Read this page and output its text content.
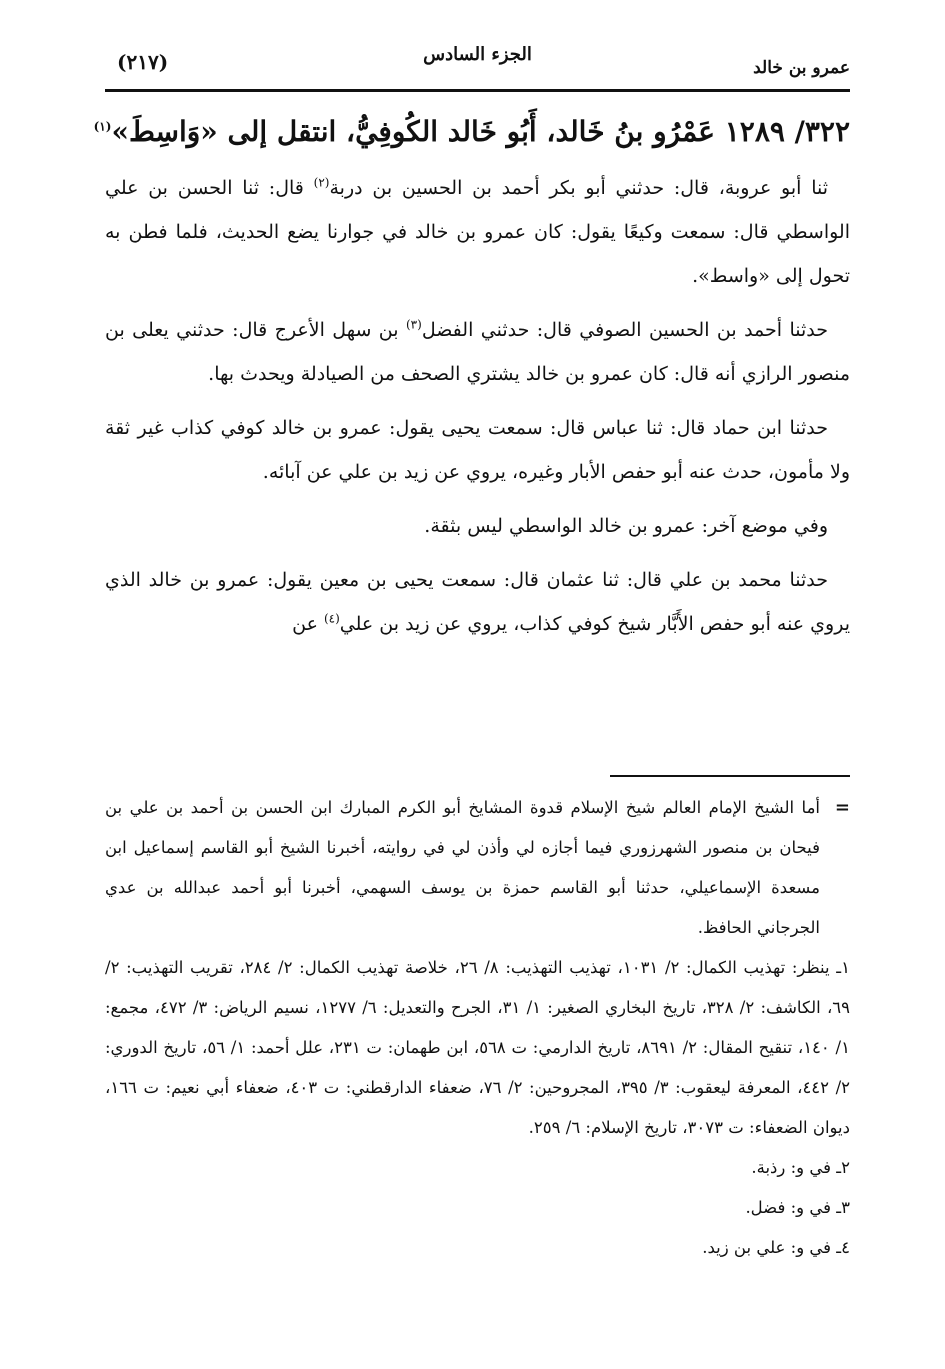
عمرو بن خالد
الجزء السادس
(٢١٧)
٣٢٢/ ١٢٨٩ عَمْرُو بنُ خَالد، أَبُو خَالد الكُوفِيُّ، انتقل إلى «وَاسِطَ»$^{(١)}$

ثنا أبو عروبة، قال: حدثني أبو بكر أحمد بن الحسين بن دربة$^{(٢)}$ قال: ثنا الحسن بن علي الواسطي قال: سمعت وكيعًا يقول: كان عمرو بن خالد في جوارنا يضع الحديث، فلما فطن به تحول إلى «واسط».

حدثنا أحمد بن الحسين الصوفي قال: حدثني الفضل$^{(٣)}$ بن سهل الأعرج قال: حدثني يعلى بن منصور الرازي أنه قال: كان عمرو بن خالد يشتري الصحف من الصيادلة ويحدث بها.

حدثنا ابن حماد قال: ثنا عباس قال: سمعت يحيى يقول: عمرو بن خالد كوفي كذاب غير ثقة ولا مأمون، حدث عنه أبو حفص الأبار وغيره، يروي عن زيد بن علي عن آبائه.

وفي موضع آخر: عمرو بن خالد الواسطي ليس بثقة.

حدثنا محمد بن علي قال: ثنا عثمان قال: سمعت يحيى بن معين يقول: عمرو بن خالد الذي يروي عنه أبو حفص الأَبَّار شيخ كوفي كذاب، يروي عن زيد بن علي$^{(٤)}$ عن

=
أما الشيخ الإمام العالم شيخ الإسلام قدوة المشايخ أبو الكرم المبارك ابن الحسن بن أحمد بن علي بن فيحان بن منصور الشهرزوري فيما أجازه لي وأذن لي في روايته، أخبرنا الشيخ أبو القاسم إسماعيل ابن مسعدة الإسماعيلي، حدثنا أبو القاسم حمزة بن يوسف السهمي، أخبرنا أبو أحمد عبدالله بن عدي الجرجاني الحافظ.

١ـ ينظر: تهذيب الكمال: ٢/ ١٠٣١، تهذيب التهذيب: ٨/ ٢٦، خلاصة تهذيب الكمال: ٢/ ٢٨٤، تقريب التهذيب: ٢/ ٦٩، الكاشف: ٢/ ٣٢٨، تاريخ البخاري الصغير: ١/ ٣١، الجرح والتعديل: ٦/ ١٢٧٧، نسيم الرياض: ٣/ ٤٧٢، مجمع: ١/ ١٤٠، تنقيح المقال: ٢/ ٨٦٩١، تاريخ الدارمي: ت ٥٦٨، ابن طهمان: ت ٢٣١، علل أحمد: ١/ ٥٦، تاريخ الدوري: ٢/ ٤٤٢، المعرفة ليعقوب: ٣/ ٣٩٥، المجروحين: ٢/ ٧٦، ضعفاء الدارقطني: ت ٤٠٣، ضعفاء أبي نعيم: ت ١٦٦، ديوان الضعفاء: ت ٣٠٧٣، تاريخ الإسلام: ٦/ ٢٥٩.

٢ـ في و: رذبة.

٣ـ في و: فضل.

٤ـ في و: علي بن زيد.
